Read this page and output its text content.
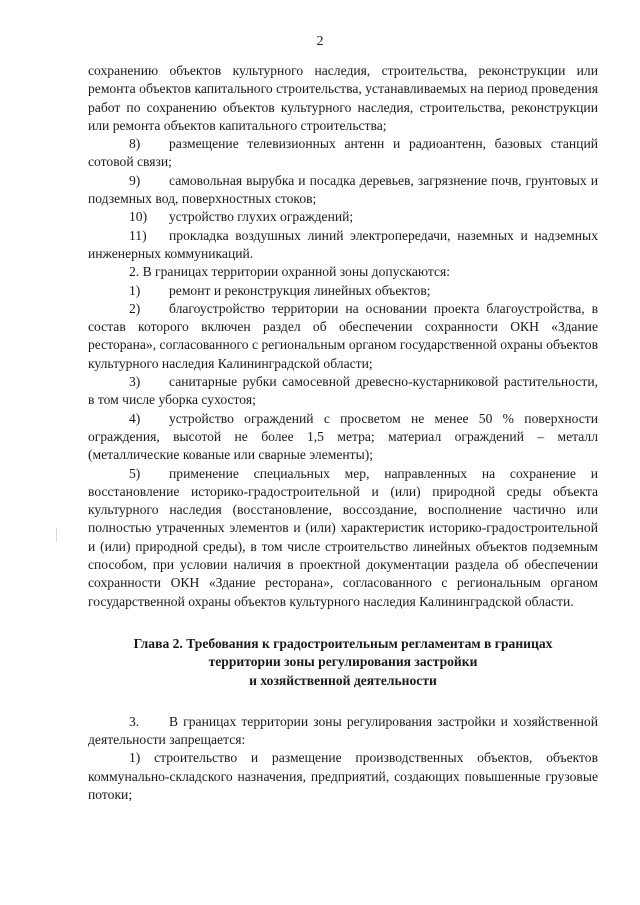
2

сохранению объектов культурного наследия, строительства, реконструкции или ремонта объектов капитального строительства, устанавливаемых на период проведения работ по сохранению объектов культурного наследия, строительства, реконструкции или ремонта объектов капитального строительства;

8) размещение телевизионных антенн и радиоантенн, базовых станций сотовой связи;

9) самовольная вырубка и посадка деревьев, загрязнение почв, грунтовых и подземных вод, поверхностных стоков;

10) устройство глухих ограждений;

11) прокладка воздушных линий электропередачи, наземных и надземных инженерных коммуникаций.

2. В границах территории охранной зоны допускаются:

1) ремонт и реконструкция линейных объектов;

2) благоустройство территории на основании проекта благоустройства, в состав которого включен раздел об обеспечении сохранности ОКН «Здание ресторана», согласованного с региональным органом государственной охраны объектов культурного наследия Калининградской области;

3) санитарные рубки самосевной древесно-кустарниковой растительности, в том числе уборка сухостоя;

4) устройство ограждений с просветом не менее 50 % поверхности ограждения, высотой не более 1,5 метра; материал ограждений – металл (металлические кованые или сварные элементы);

5) применение специальных мер, направленных на сохранение и восстановление историко-градостроительной и (или) природной среды объекта культурного наследия (восстановление, воссоздание, восполнение частично или полностью утраченных элементов и (или) характеристик историко-градостроительной и (или) природной среды), в том числе строительство линейных объектов подземным способом, при условии наличия в проектной документации раздела об обеспечении сохранности ОКН «Здание ресторана», согласованного с региональным органом государственной охраны объектов культурного наследия Калининградской области.

Глава 2. Требования к градостроительным регламентам в границах
территории зоны регулирования застройки
и хозяйственной деятельности

3. В границах территории зоны регулирования застройки и хозяйственной деятельности запрещается:

1) строительство и размещение производственных объектов, объектов коммунально-складского назначения, предприятий, создающих повышенные грузовые потоки;
